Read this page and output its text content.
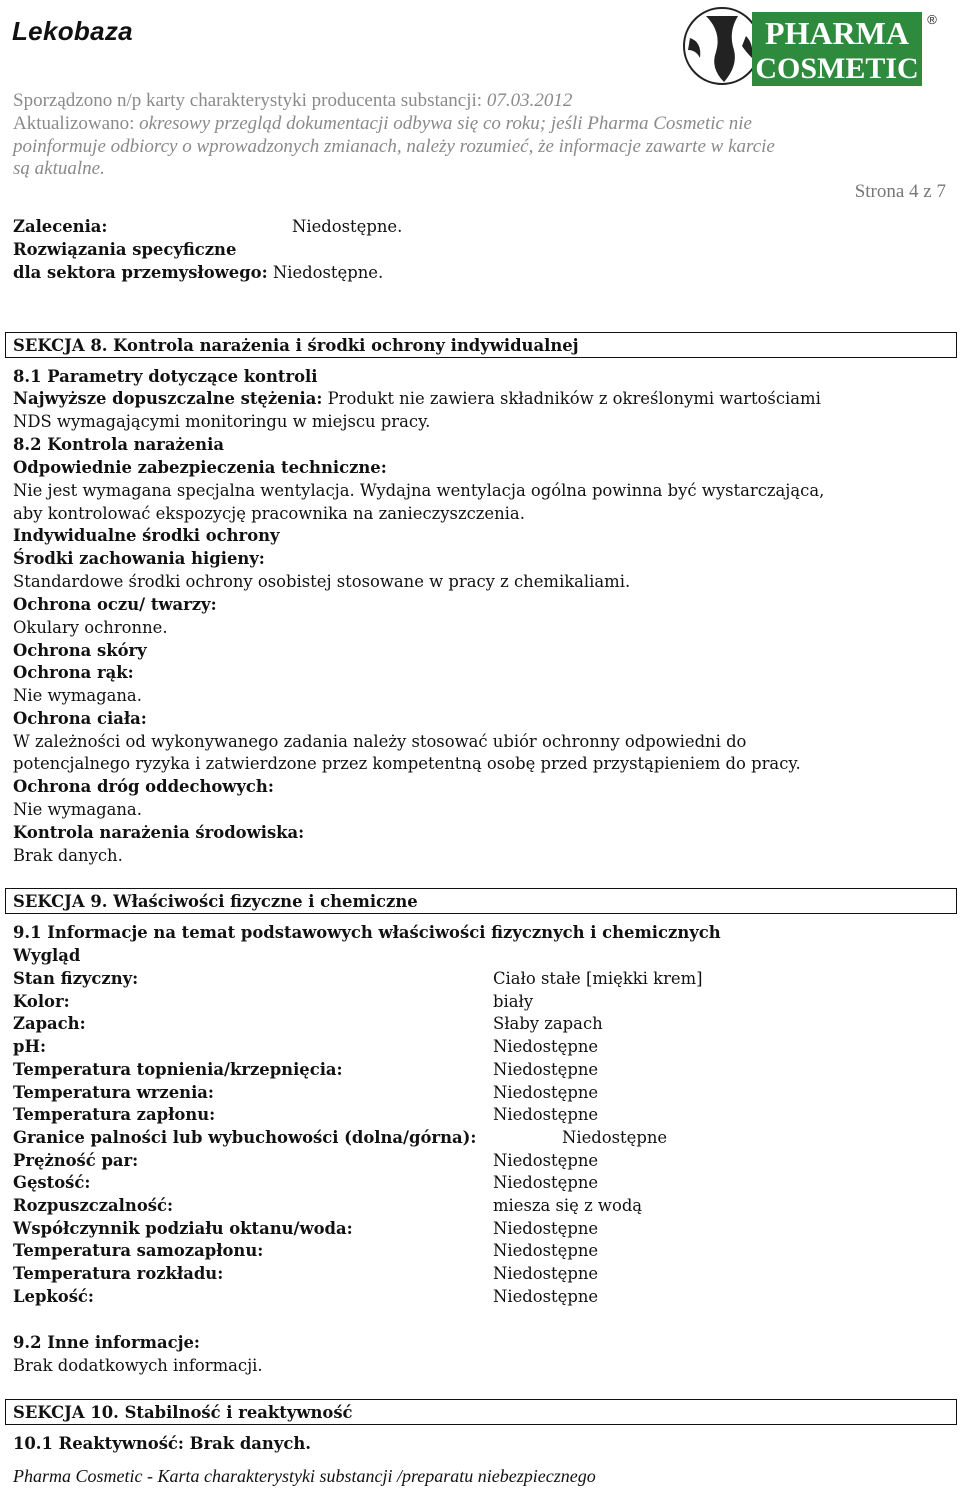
Lekobaza	PHARMA
COSMETIC
®
Sporządzono n/p karty charakterystyki producenta substancji: 07.03.2012
Aktualizowano: okresowy przegląd dokumentacji odbywa się co roku; jeśli Pharma Cosmetic nie
poinformuje odbiorcy o wprowadzonych zmianach, należy rozumieć, że informacje zawarte w karcie
są aktualne.
Strona 4 z 7
Zalecenia:	Niedostępne.
Rozwiązania specyficzne
dla sektora przemysłowego: Niedostępne.
SEKCJA 8. Kontrola narażenia i środki ochrony indywidualnej
8.1 Parametry dotyczące kontroli
Najwyższe dopuszczalne stężenia: Produkt nie zawiera składników z określonymi wartościami
NDS wymagającymi monitoringu w miejscu pracy.
8.2 Kontrola narażenia
Odpowiednie zabezpieczenia techniczne:
Nie jest wymagana specjalna wentylacja. Wydajna wentylacja ogólna powinna być wystarczająca,
aby kontrolować ekspozycję pracownika na zanieczyszczenia.
Indywidualne środki ochrony
Środki zachowania higieny:
Standardowe środki ochrony osobistej stosowane w pracy z chemikaliami.
Ochrona oczu/ twarzy:
Okulary ochronne.
Ochrona skóry
Ochrona rąk:
Nie wymagana.
Ochrona ciała:
W zależności od wykonywanego zadania należy stosować ubiór ochronny odpowiedni do
potencjalnego ryzyka i zatwierdzone przez kompetentną osobę przed przystąpieniem do pracy.
Ochrona dróg oddechowych:
Nie wymagana.
Kontrola narażenia środowiska:
Brak danych.
SEKCJA 9. Właściwości fizyczne i chemiczne
9.1 Informacje na temat podstawowych właściwości fizycznych i chemicznych
Wygląd
Stan fizyczny:	Ciało stałe [miękki krem]
Kolor:	biały
Zapach:	Słaby zapach
pH:	Niedostępne
Temperatura topnienia/krzepnięcia:	Niedostępne
Temperatura wrzenia:	Niedostępne
Temperatura zapłonu:	Niedostępne
Granice palności lub wybuchowości (dolna/górna):	Niedostępne
Prężność par:	Niedostępne
Gęstość:	Niedostępne
Rozpuszczalność:	miesza się z wodą
Współczynnik podziału oktanu/woda:	Niedostępne
Temperatura samozapłonu:	Niedostępne
Temperatura rozkładu:	Niedostępne
Lepkość:	Niedostępne
9.2 Inne informacje:
Brak dodatkowych informacji.
SEKCJA 10. Stabilność i reaktywność
10.1 Reaktywność: Brak danych.
Pharma Cosmetic - Karta charakterystyki substancji /preparatu niebezpiecznego
